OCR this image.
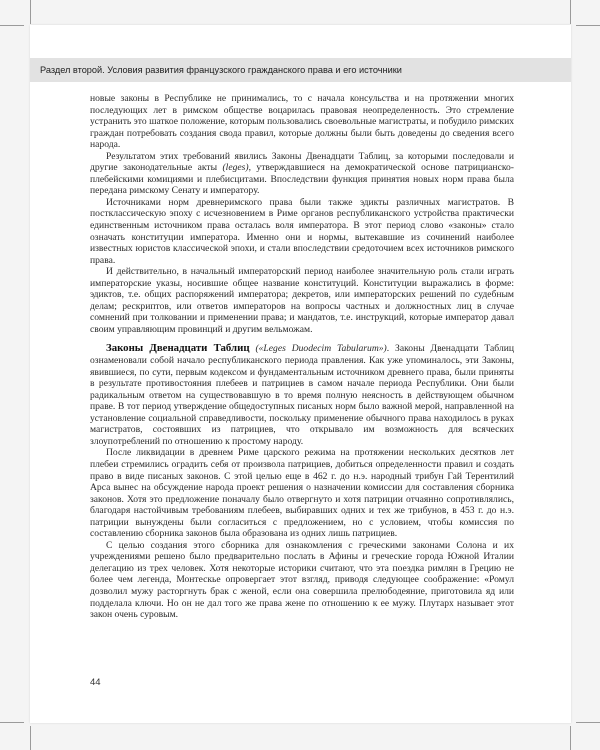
Раздел второй. Условия развития французского гражданского права и его источники

новые законы в Республике не принимались, то с начала консульства и на протяжении многих последующих лет в римском обществе воцарилась правовая неопределенность. Это стремление устранить это шаткое положение, которым пользовались своевольные магистраты, и побудило римских граждан потребовать создания свода правил, которые должны были быть доведены до сведения всего народа.

Результатом этих требований явились Законы Двенадцати Таблиц, за которыми последовали и другие законодательные акты (leges), утверждавшиеся на демократической основе патрицианско-плебейскими комициями и плебисцитами. Впоследствии функция принятия новых норм права была передана римскому Сенату и императору.

Источниками норм древнеримского права были также эдикты различных магистратов. В постклассическую эпоху с исчезновением в Риме органов республиканского устройства практически единственным источником права осталась воля императора. В этот период слово «законы» стало означать конституции императора. Именно они и нормы, вытекавшие из сочинений наиболее известных юристов классической эпохи, и стали впоследствии средоточием всех источников римского права.

И действительно, в начальный императорский период наиболее значительную роль стали играть императорские указы, носившие общее название конституций. Конституции выражались в форме: эдиктов, т.е. общих распоряжений императора; декретов, или императорских решений по судебным делам; рескриптов, или ответов императоров на вопросы частных и должностных лиц в случае сомнений при толковании и применении права; и мандатов, т.е. инструкций, которые император давал своим управляющим провинций и другим вельможам.

Законы Двенадцати Таблиц («Leges Duodecim Tabularum»). Законы Двенадцати Таблиц ознаменовали собой начало республиканского периода правления. Как уже упоминалось, эти Законы, явившиеся, по сути, первым кодексом и фундаментальным источником древнего права, были приняты в результате противостояния плебеев и патрициев в самом начале периода Республики. Они были радикальным ответом на существовавшую в то время полную неясность в действующем обычном праве. В тот период утверждение общедоступных писаных норм было важной мерой, направленной на установление социальной справедливости, поскольку применение обычного права находилось в руках магистратов, состоявших из патрициев, что открывало им возможность для всяческих злоупотреблений по отношению к простому народу.

После ликвидации в древнем Риме царского режима на протяжении нескольких десятков лет плебеи стремились оградить себя от произвола патрициев, добиться определенности правил и создать право в виде писаных законов. С этой целью еще в 462 г. до н.э. народный трибун Гай Терентилий Арса вынес на обсуждение народа проект решения о назначении комиссии для составления сборника законов. Хотя это предложение поначалу было отвергнуто и хотя патриции отчаянно сопротивлялись, благодаря настойчивым требованиям плебеев, выбиравших одних и тех же трибунов, в 453 г. до н.э. патриции вынуждены были согласиться с предложением, но с условием, чтобы комиссия по составлению сборника законов была образована из одних лишь патрициев.

С целью создания этого сборника для ознакомления с греческими законами Солона и их учреждениями решено было предварительно послать в Афины и греческие города Южной Италии делегацию из трех человек. Хотя некоторые историки считают, что эта поездка римлян в Грецию не более чем легенда, Монтескье опровергает этот взгляд, приводя следующее соображение: «Ромул дозволил мужу расторгнуть брак с женой, если она совершила прелюбодеяние, приготовила яд или подделала ключи. Но он не дал того же права жене по отношению к ее мужу. Плутарх называет этот закон очень суровым.

44
